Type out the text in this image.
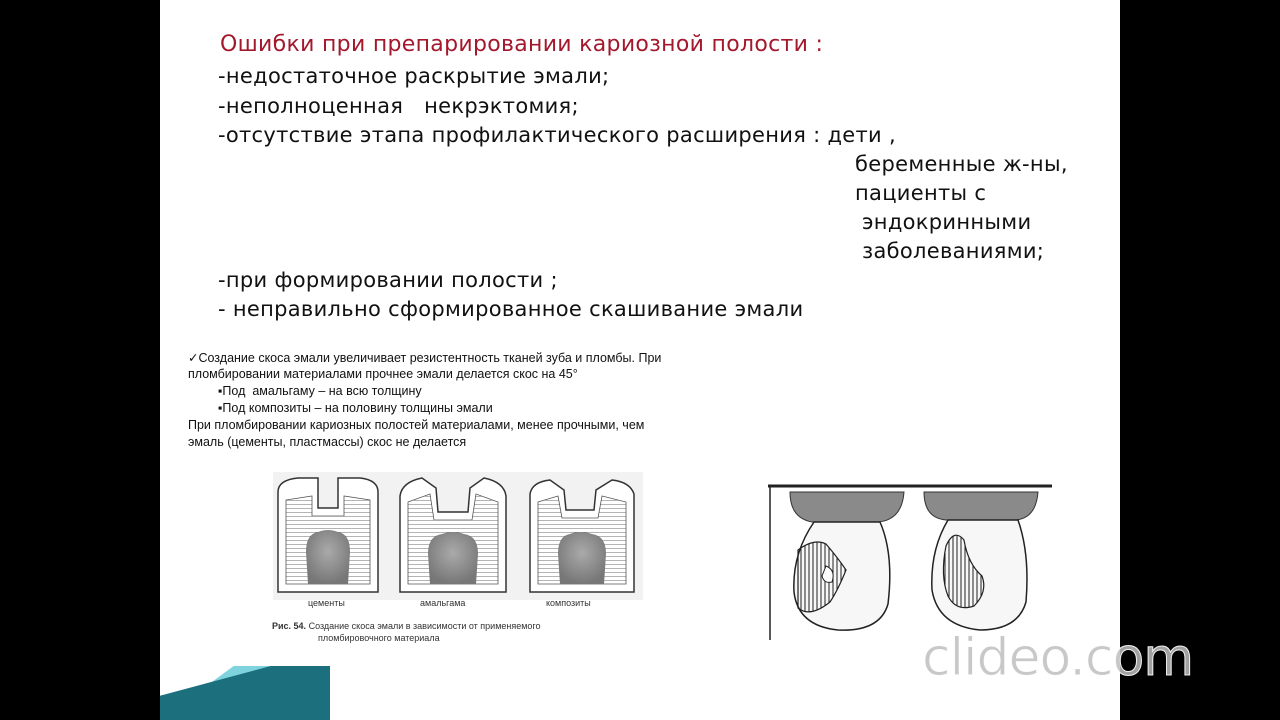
Ошибки при препарировании кариозной полости :
-недостаточное раскрытие эмали;
-неполноценная   некрэктомия;
-отсутствие этапа профилактического расширения : дети ,
беременные ж-ны,
пациенты с
эндокринными
заболеваниями;
-при формировании полости ;
- неправильно сформированное скашивание эмали
✓Создание скоса эмали увеличивает резистентность тканей зуба и пломбы. При
пломбировании материалами прочнее эмали делается скос на 45°
▪Под  амальгаму – на всю толщину
▪Под композиты – на половину толщины эмали
При пломбировании кариозных полостей материалами, менее прочными, чем
эмаль (цементы, пластмассы) скос не делается
цементы	амальгама	композиты
Рис. 54. Создание скоса эмали в зависимости от применяемого
пломбировочного материала	clideo.com
